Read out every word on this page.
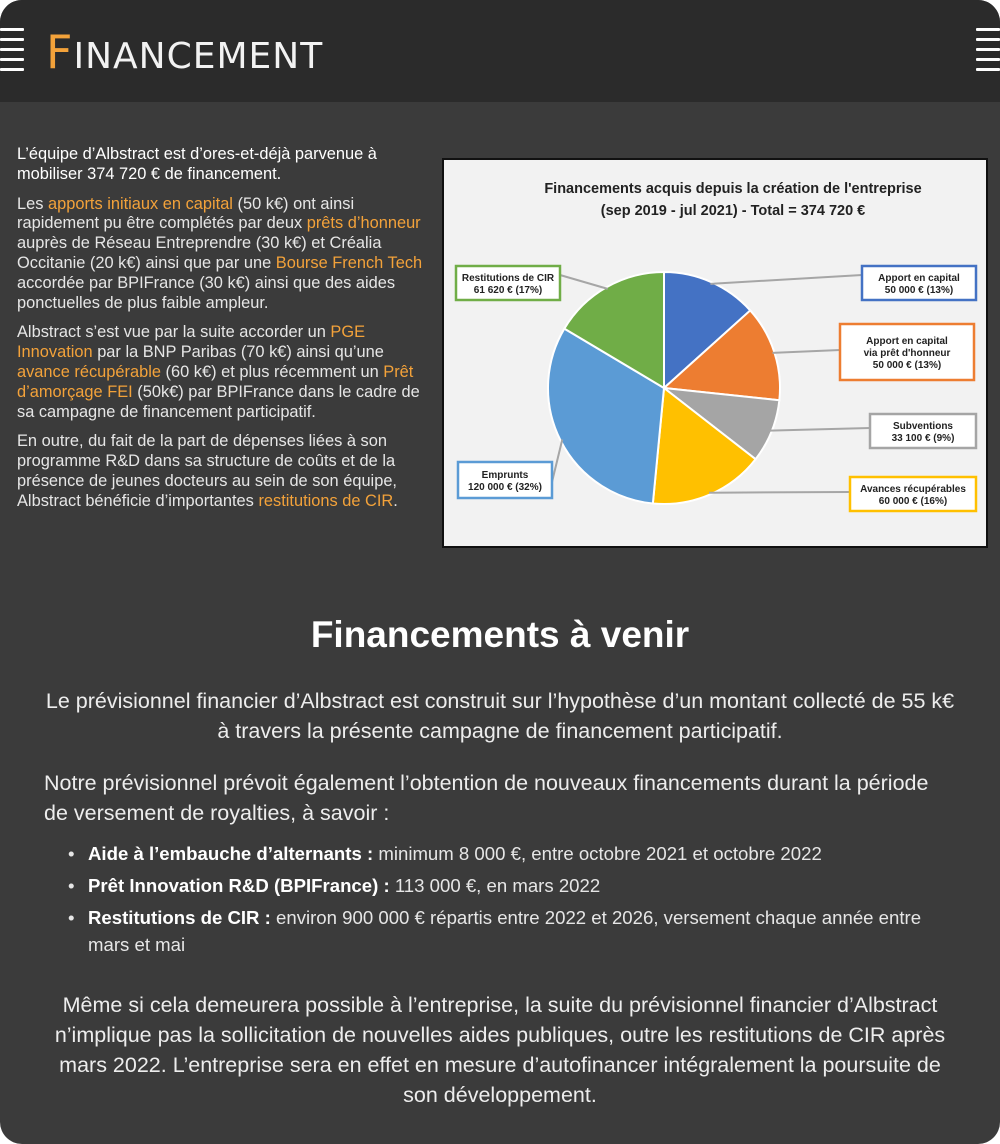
FINANCEMENT

L’équipe d’Albstract est d’ores-et-déjà parvenue à mobiliser 374 720 € de financement.

Les apports initiaux en capital (50 k€) ont ainsi rapidement pu être complétés par deux prêts d’honneur auprès de Réseau Entreprendre (30 k€) et Créalia Occitanie (20 k€) ainsi que par une Bourse French Tech accordée par BPIFrance (30 k€) ainsi que des aides ponctuelles de plus faible ampleur.

Albstract s’est vue par la suite accorder un PGE Innovation par la BNP Paribas (70 k€) ainsi qu’une avance récupérable (60 k€) et plus récemment un Prêt d’amorçage FEI (50k€) par BPIFrance dans le cadre de sa campagne de financement participatif.

En outre, du fait de la part de dépenses liées à son programme R&D dans sa structure de coûts et de la présence de jeunes docteurs au sein de son équipe, Albstract bénéficie d’importantes restitutions de CIR.

Financements acquis depuis la création de l'entreprise
(sep 2019 - jul 2021) - Total = 374 720 €
Apport en capital
50 000 € (13%)
Apport en capital
via prêt d'honneur
50 000 € (13%)
Subventions
33 100 € (9%)
Avances récupérables
60 000 € (16%)
Emprunts
120 000 € (32%)
Restitutions de CIR
61 620 € (17%)
Financements à venir
Le prévisionnel financier d’Albstract est construit sur l’hypothèse d’un montant collecté de 55 k€ à travers la présente campagne de financement participatif.
Notre prévisionnel prévoit également l’obtention de nouveaux financements durant la période de versement de royalties, à savoir :
• Aide à l’embauche d’alternants : minimum 8 000 €, entre octobre 2021 et octobre 2022
• Prêt Innovation R&D (BPIFrance) : 113 000 €, en mars 2022
• Restitutions de CIR : environ 900 000 € répartis entre 2022 et 2026, versement chaque année entre mars et mai
Même si cela demeurera possible à l’entreprise, la suite du prévisionnel financier d’Albstract n’implique pas la sollicitation de nouvelles aides publiques, outre les restitutions de CIR après mars 2022. L’entreprise sera en effet en mesure d’autofinancer intégralement la poursuite de son développement.
